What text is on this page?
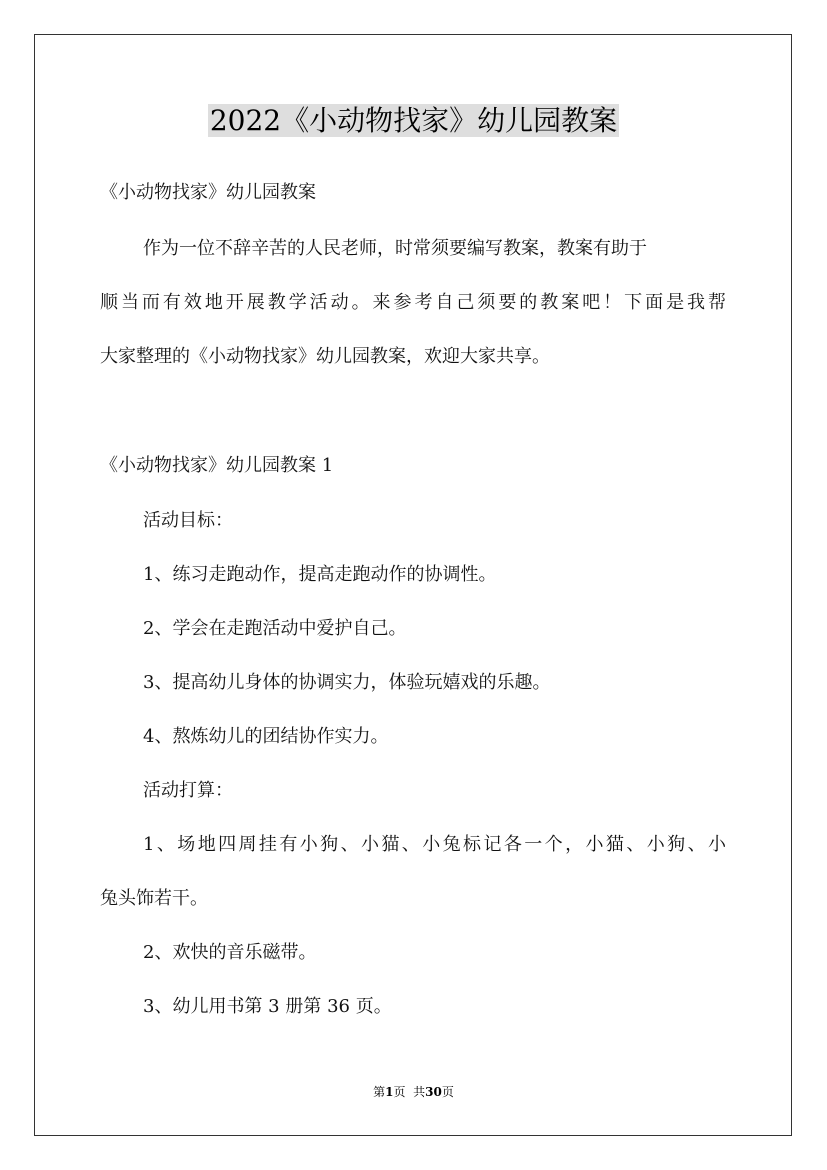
2022《小动物找家》幼儿园教案
《小动物找家》幼儿园教案
作为一位不辞辛苦的人民老师，时常须要编写教案，教案有助于
顺当而有效地开展教学活动。来参考自己须要的教案吧！下面是我帮
大家整理的《小动物找家》幼儿园教案，欢迎大家共享。
《小动物找家》幼儿园教案 1
活动目标：
1、练习走跑动作，提高走跑动作的协调性。
2、学会在走跑活动中爱护自己。
3、提高幼儿身体的协调实力，体验玩嬉戏的乐趣。
4、熬炼幼儿的团结协作实力。
活动打算：
1、场地四周挂有小狗、小猫、小兔标记各一个，小猫、小狗、小
兔头饰若干。
2、欢快的音乐磁带。
3、幼儿用书第 3 册第 36 页。
第1页 共30页
